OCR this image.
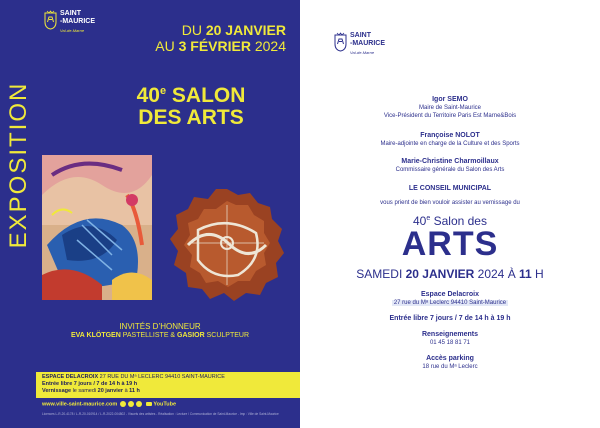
EXPOSITION
SAINT
-MAURICE
Val-de-Marne	DU 20 JANVIER
AU 3 FÉVRIER 2024
40e SALON
DES ARTS
INVITÉS D’HONNEUR
EVA KLÖTGEN PASTELLISTE & GASIOR SCULPTEUR
ESPACE DELACROIX 27 RUE DU Mᵃ LECLERC 94410 SAINT-MAURICE
Entrée libre 7 jours / 7 de 14 h à 19 h
Vernissage le samedi 20 janvier à 11 h
www.ville-saint-maurice.com	YouTube
Licences L-R-20-4178 / L-R-20-010914 / L-R-2022-004802 - Visuels des artistes - Réalisation : Lecture / Communication de Saint-Maurice - Imp : Ville de Saint-Maurice
SAINT
-MAURICE
Val-de-Marne
Igor SEMO
Maire de Saint-Maurice
Vice-Président du Territoire Paris Est Marne&Bois
Françoise NOLOT
Maire-adjointe en charge de la Culture et des Sports
Marie-Christine Charmoillaux
Commissaire générale du Salon des Arts
LE CONSEIL MUNICIPAL
vous prient de bien vouloir assister au vernissage du
40e Salon des
ARTS
SAMEDI 20 JANVIER 2024 À 11 H
Espace Delacroix
27 rue du Mᵃ Leclerc 94410 Saint-Maurice
Entrée libre 7 jours / 7 de 14 h à 19 h
Renseignements
01 45 18 81 71
Accès parking
18 rue du Mᵃ Leclerc
